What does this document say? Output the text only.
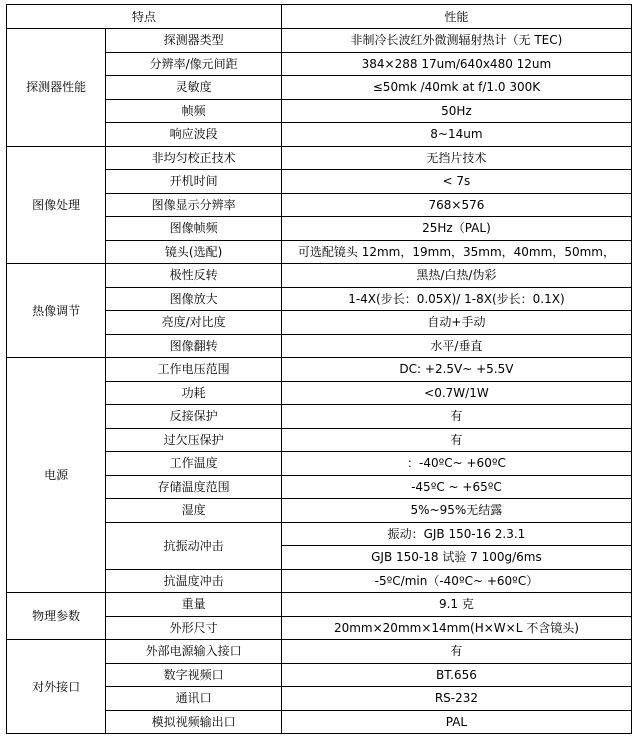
特点		性能
探测器性能	探测器类型	非制冷长波红外微测辐射热计（无 TEC)
	分辨率/像元间距	384×288 17um/640x480 12um
	灵敏度	≤50mk /40mk at f/1.0 300K
	帧频	50Hz
	响应波段	8~14um
图像处理	非均匀校正技术	无挡片技术
	开机时间	< 7s
	图像显示分辨率	768×576
	图像帧频	25Hz（PAL)
	镜头(选配)	可选配镜头 12mm，19mm，35mm，40mm，50mm，
热像调节	极性反转	黑热/白热/伪彩
	图像放大	1-4X(步长：0.05X)/ 1-8X(步长：0.1X)
	亮度/对比度	自动+手动
	图像翻转	水平/垂直
电源	工作电压范围	DC: +2.5V~ +5.5V
	功耗	<0.7W/1W
	反接保护	有
	过欠压保护	有
	工作温度	：-40ºC~ +60ºC
	存储温度范围	-45ºC ~ +65ºC
	湿度	5%~95%无结露
	抗振动冲击	振动：GJB 150-16 2.3.1
		GJB 150-18 试验 7 100g/6ms
	抗温度冲击	-5ºC/min（-40ºC~ +60ºC）
物理参数	重量	9.1 克
	外形尺寸	20mm×20mm×14mm(H×W×L 不含镜头)
对外接口	外部电源输入接口	有
	数字视频口	BT.656
	通讯口	RS-232
	模拟视频输出口	PAL
